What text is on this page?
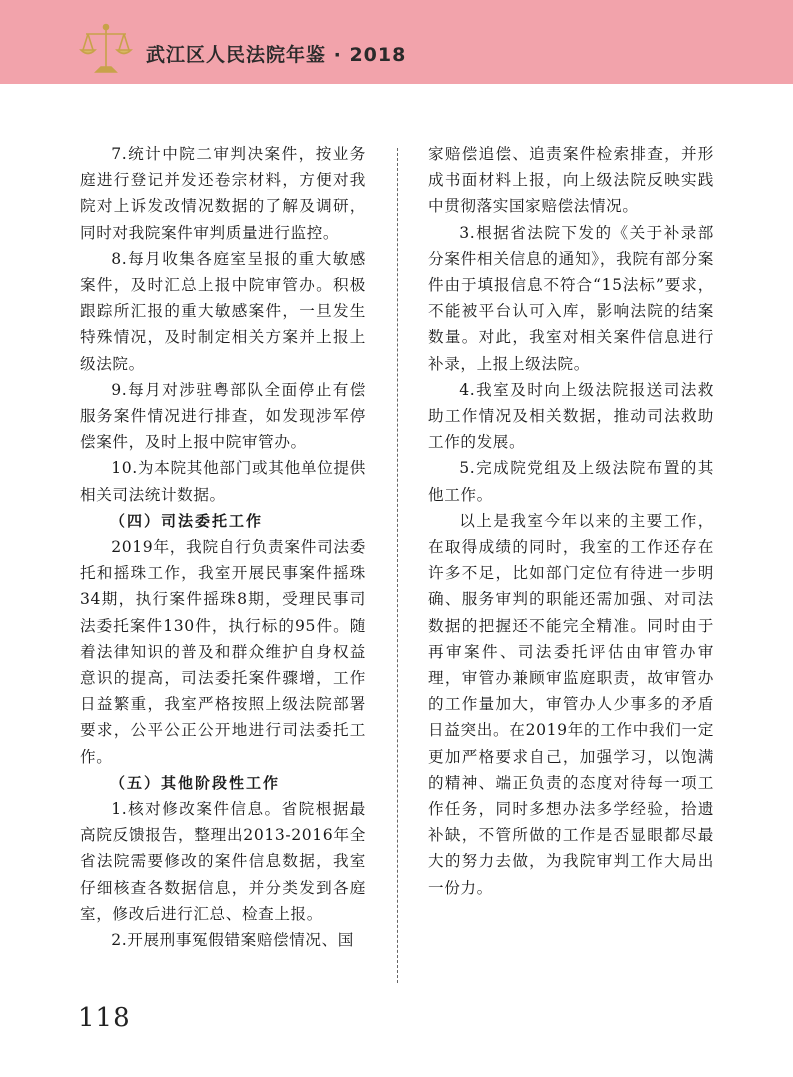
武江区人民法院年鉴 · 2018

7.统计中院二审判决案件，按业务庭进行登记并发还卷宗材料，方便对我院对上诉发改情况数据的了解及调研，同时对我院案件审判质量进行监控。

8.每月收集各庭室呈报的重大敏感案件，及时汇总上报中院审管办。积极跟踪所汇报的重大敏感案件，一旦发生特殊情况，及时制定相关方案并上报上级法院。

9.每月对涉驻粤部队全面停止有偿服务案件情况进行排查，如发现涉军停偿案件，及时上报中院审管办。

10.为本院其他部门或其他单位提供相关司法统计数据。

（四）司法委托工作

2019年，我院自行负责案件司法委托和摇珠工作，我室开展民事案件摇珠34期，执行案件摇珠8期，受理民事司法委托案件130件，执行标的95件。随着法律知识的普及和群众维护自身权益意识的提高，司法委托案件骤增，工作日益繁重，我室严格按照上级法院部署要求，公平公正公开地进行司法委托工作。

（五）其他阶段性工作

1.核对修改案件信息。省院根据最高院反馈报告，整理出2013-2016年全省法院需要修改的案件信息数据，我室仔细核查各数据信息，并分类发到各庭室，修改后进行汇总、检查上报。

2.开展刑事冤假错案赔偿情况、国

家赔偿追偿、追责案件检索排查，并形成书面材料上报，向上级法院反映实践中贯彻落实国家赔偿法情况。

3.根据省法院下发的《关于补录部分案件相关信息的通知》，我院有部分案件由于填报信息不符合“15法标”要求，不能被平台认可入库，影响法院的结案数量。对此，我室对相关案件信息进行补录，上报上级法院。

4.我室及时向上级法院报送司法救助工作情况及相关数据，推动司法救助工作的发展。

5.完成院党组及上级法院布置的其他工作。

以上是我室今年以来的主要工作，在取得成绩的同时，我室的工作还存在许多不足，比如部门定位有待进一步明确、服务审判的职能还需加强、对司法数据的把握还不能完全精准。同时由于再审案件、司法委托评估由审管办审理，审管办兼顾审监庭职责，故审管办的工作量加大，审管办人少事多的矛盾日益突出。在2019年的工作中我们一定更加严格要求自己，加强学习，以饱满的精神、端正负责的态度对待每一项工作任务，同时多想办法多学经验，拾遗补缺，不管所做的工作是否显眼都尽最大的努力去做，为我院审判工作大局出一份力。

118
